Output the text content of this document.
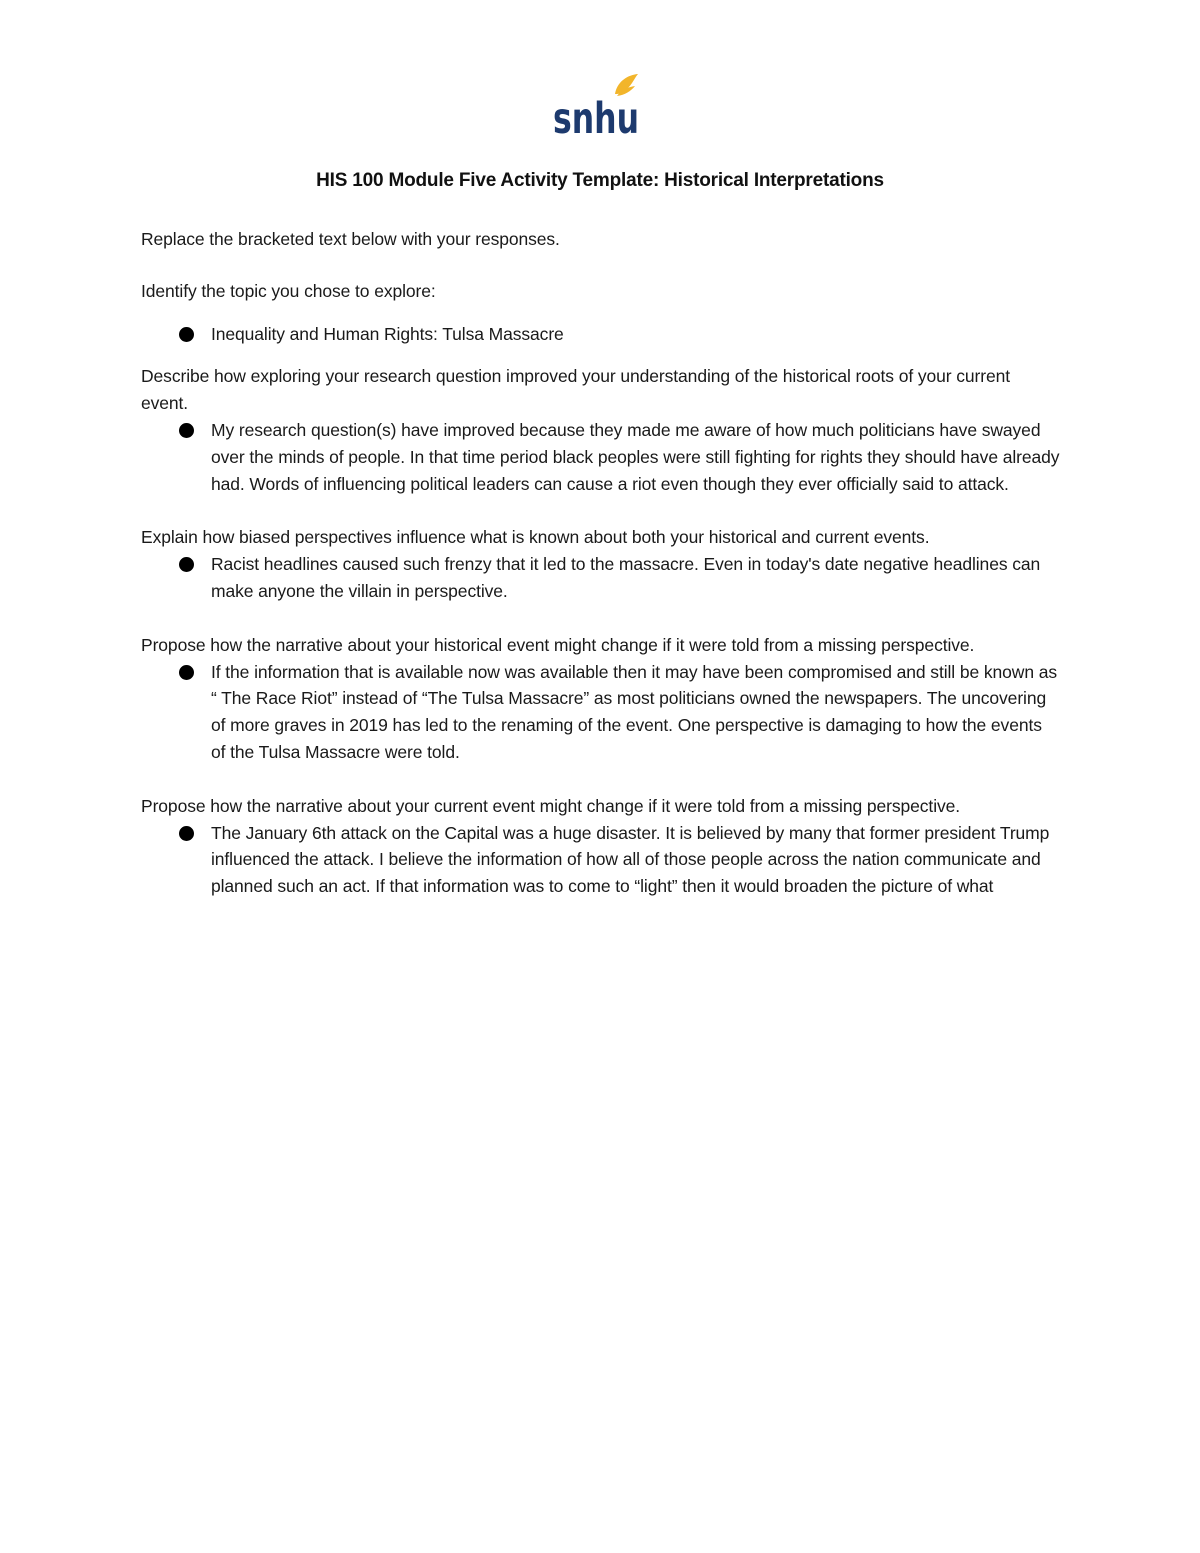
snhu
HIS 100 Module Five Activity Template: Historical Interpretations

Replace the bracketed text below with your responses.

Identify the topic you chose to explore:

Inequality and Human Rights: Tulsa Massacre

Describe how exploring your research question improved your understanding of the historical roots of your current event.

My research question(s) have improved because they made me aware of how much politicians have swayed over the minds of people. In that time period black peoples were still fighting for rights they should have already had. Words of influencing political leaders can cause a riot even though they ever officially said to attack.

Explain how biased perspectives influence what is known about both your historical and current events.

Racist headlines caused such frenzy that it led to the massacre. Even in today's date negative headlines can make anyone the villain in perspective.

Propose how the narrative about your historical event might change if it were told from a missing perspective.

If the information that is available now was available then it may have been compromised and still be known as “ The Race Riot” instead of “The Tulsa Massacre” as most politicians owned the newspapers. The uncovering of more graves in 2019 has led to the renaming of the event. One perspective is damaging to how the events of the Tulsa Massacre were told.

Propose how the narrative about your current event might change if it were told from a missing perspective.

The January 6th attack on the Capital was a huge disaster. It is believed by many that former president Trump influenced the attack. I believe the information of how all of those people across the nation communicate and planned such an act. If that information was to come to “light” then it would broaden the picture of what
